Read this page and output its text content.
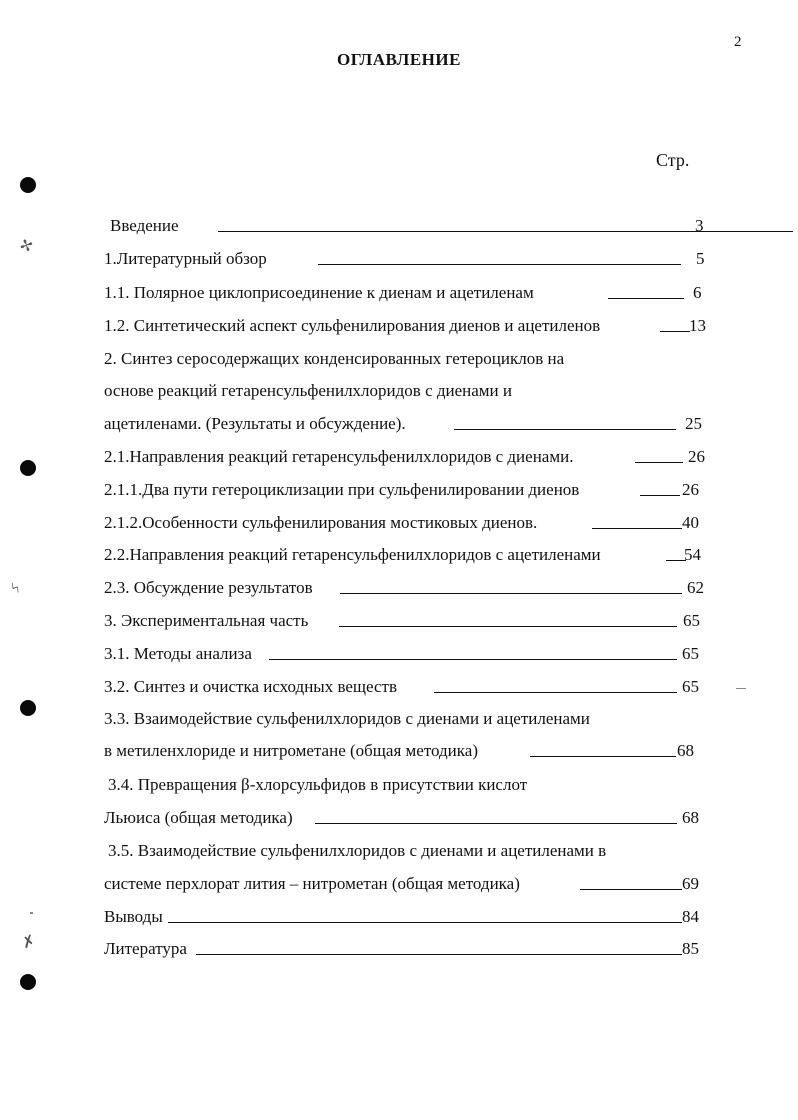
2
ОГЛАВЛЕНИЕ
Стр.
Введение	3
1.Литературный обзор	5
1.1. Полярное циклоприсоединение к диенам и ацетиленам	6
1.2. Синтетический аспект сульфенилирования диенов и ацетиленов	13
2. Синтез серосодержащих конденсированных гетероциклов на
основе реакций гетаренсульфенилхлоридов с диенами и
ацетиленами. (Результаты и обсуждение).	25
2.1.Направления реакций гетаренсульфенилхлоридов с диенами.	26
2.1.1.Два пути гетероциклизации при сульфенилировании диенов	26
2.1.2.Особенности сульфенилирования мостиковых диенов.	40
2.2.Направления реакций гетаренсульфенилхлоридов с ацетиленами	54
2.3. Обсуждение результатов	62
3. Экспериментальная часть	65
3.1. Методы анализа	65
3.2. Синтез и очистка исходных веществ	65
3.3. Взаимодействие сульфенилхлоридов с диенами и ацетиленами
в метиленхлориде и нитрометане (общая методика)	68
3.4. Превращения β-хлорсульфидов в присутствии кислот
Льюиса (общая методика)	68
3.5. Взаимодействие сульфенилхлоридов с диенами и ацетиленами в
системе перхлорат лития – нитрометан (общая методика)	69
Выводы	84
Литература	85
✢
ϟ
✗
